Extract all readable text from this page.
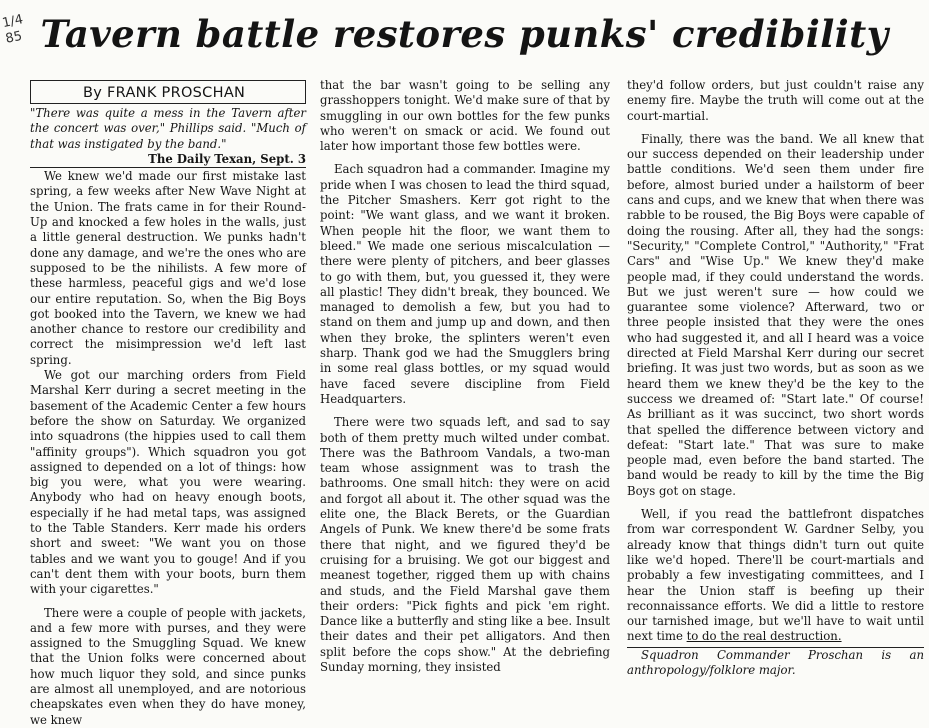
1/4
85 Tavern battle restores punks' credibility
By FRANK PROSCHAN

"There was quite a mess in the Tavern after the concert was over," Phillips said. "Much of that was instigated by the band."

The Daily Texan, Sept. 3

We knew we'd made our first mistake last spring, a few weeks after New Wave Night at the Union. The frats came in for their Round-Up and knocked a few holes in the walls, just a little general destruction. We punks hadn't done any damage, and we're the ones who are supposed to be the nihilists. A few more of these harmless, peaceful gigs and we'd lose our entire reputation. So, when the Big Boys got booked into the Tavern, we knew we had another chance to restore our credibility and correct the misimpression we'd left last spring.

We got our marching orders from Field Marshal Kerr during a secret meeting in the basement of the Academic Center a few hours before the show on Saturday. We organized into squadrons (the hippies used to call them "affinity groups"). Which squadron you got assigned to depended on a lot of things: how big you were, what you were wearing. Anybody who had on heavy enough boots, especially if he had metal taps, was assigned to the Table Standers. Kerr made his orders short and sweet: "We want you on those tables and we want you to gouge! And if you can't dent them with your boots, burn them with your cigarettes."

There were a couple of people with jackets, and a few more with purses, and they were assigned to the Smuggling Squad. We knew that the Union folks were concerned about how much liquor they sold, and since punks are almost all unemployed, and are notorious cheapskates even when they do have money, we knew

that the bar wasn't going to be selling any grasshoppers tonight. We'd make sure of that by smuggling in our own bottles for the few punks who weren't on smack or acid. We found out later how important those few bottles were.

Each squadron had a commander. Imagine my pride when I was chosen to lead the third squad, the Pitcher Smashers. Kerr got right to the point: "We want glass, and we want it broken. When people hit the floor, we want them to bleed." We made one serious miscalculation — there were plenty of pitchers, and beer glasses to go with them, but, you guessed it, they were all plastic! They didn't break, they bounced. We managed to demolish a few, but you had to stand on them and jump up and down, and then when they broke, the splinters weren't even sharp. Thank god we had the Smugglers bring in some real glass bottles, or my squad would have faced severe discipline from Field Headquarters.

There were two squads left, and sad to say both of them pretty much wilted under combat. There was the Bathroom Vandals, a two-man team whose assignment was to trash the bathrooms. One small hitch: they were on acid and forgot all about it. The other squad was the elite one, the Black Berets, or the Guardian Angels of Punk. We knew there'd be some frats there that night, and we figured they'd be cruising for a bruising. We got our biggest and meanest together, rigged them up with chains and studs, and the Field Marshal gave them their orders: "Pick fights and pick 'em right. Dance like a butterfly and sting like a bee. Insult their dates and their pet alligators. And then split before the cops show." At the debriefing Sunday morning, they insisted

they'd follow orders, but just couldn't raise any enemy fire. Maybe the truth will come out at the court-martial.

Finally, there was the band. We all knew that our success depended on their leadership under battle conditions. We'd seen them under fire before, almost buried under a hailstorm of beer cans and cups, and we knew that when there was rabble to be roused, the Big Boys were capable of doing the rousing. After all, they had the songs: "Security," "Complete Control," "Authority," "Frat Cars" and "Wise Up." We knew they'd make people mad, if they could understand the words. But we just weren't sure — how could we guarantee some violence? Afterward, two or three people insisted that they were the ones who had suggested it, and all I heard was a voice directed at Field Marshal Kerr during our secret briefing. It was just two words, but as soon as we heard them we knew they'd be the key to the success we dreamed of: "Start late." Of course! As brilliant as it was succinct, two short words that spelled the difference between victory and defeat: "Start late." That was sure to make people mad, even before the band started. The band would be ready to kill by the time the Big Boys got on stage.

Well, if you read the battlefront dispatches from war correspondent W. Gardner Selby, you already know that things didn't turn out quite like we'd hoped. There'll be court-martials and probably a few investigating committees, and I hear the Union staff is beefing up their reconnaissance efforts. We did a little to restore our tarnished image, but we'll have to wait until next time to do the real destruction.

Squadron Commander Proschan is an anthropology/folklore major.
